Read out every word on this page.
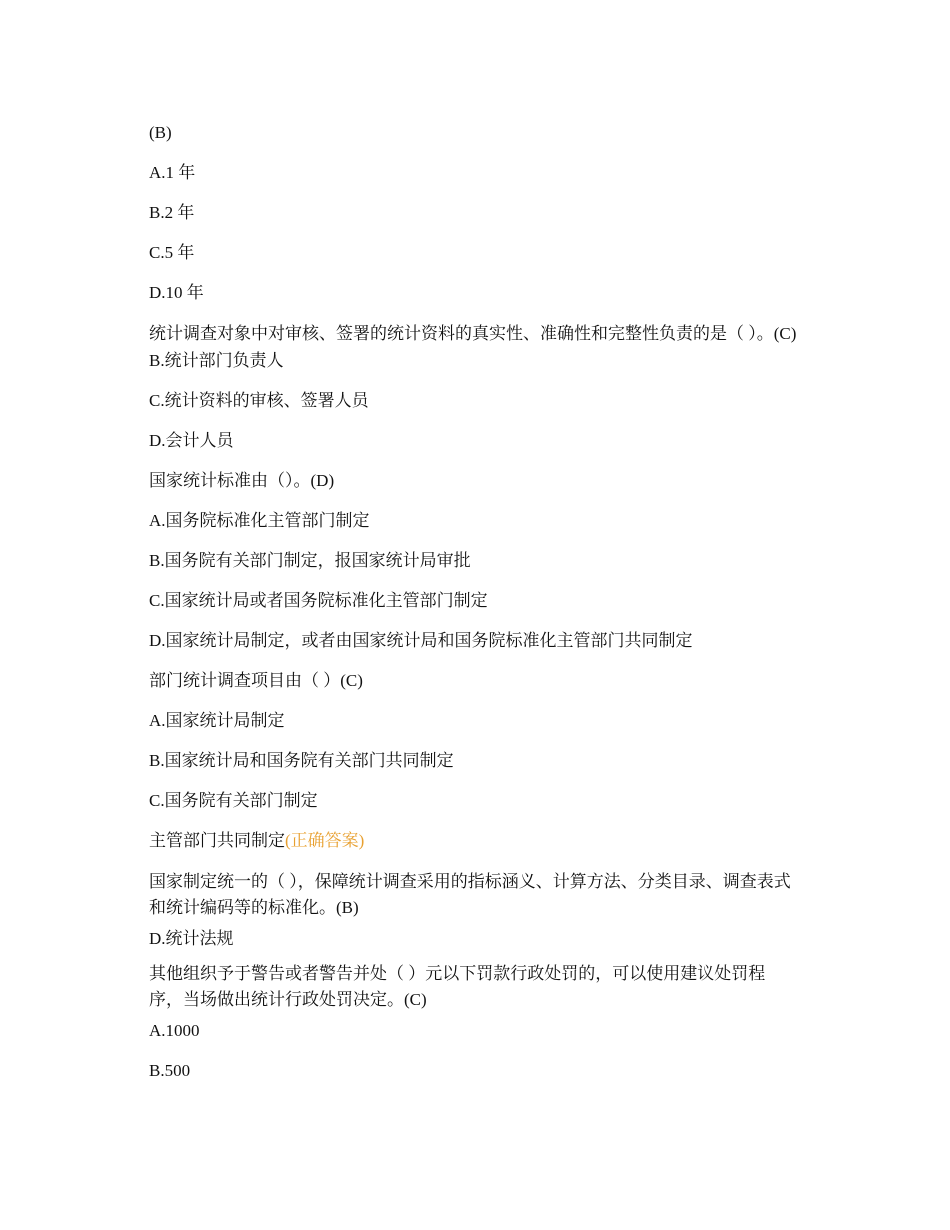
(B)
A.1 年
B.2 年
C.5 年
D.10 年
统计调查对象中对审核、签署的统计资料的真实性、准确性和完整性负责的是（ ）。(C)
B.统计部门负责人
C.统计资料的审核、签署人员
D.会计人员
国家统计标准由（）。(D)
A.国务院标准化主管部门制定
B.国务院有关部门制定，报国家统计局审批
C.国家统计局或者国务院标准化主管部门制定
D.国家统计局制定，或者由国家统计局和国务院标准化主管部门共同制定
部门统计调查项目由（ ）(C)
A.国家统计局制定
B.国家统计局和国务院有关部门共同制定
C.国务院有关部门制定
主管部门共同制定(正确答案)
国家制定统一的（ ），保障统计调查采用的指标涵义、计算方法、分类目录、调查表式和统计编码等的标准化。(B)
D.统计法规
其他组织予于警告或者警告并处（ ）元以下罚款行政处罚的，可以使用建议处罚程序，当场做出统计行政处罚决定。(C)
A.1000
B.500
